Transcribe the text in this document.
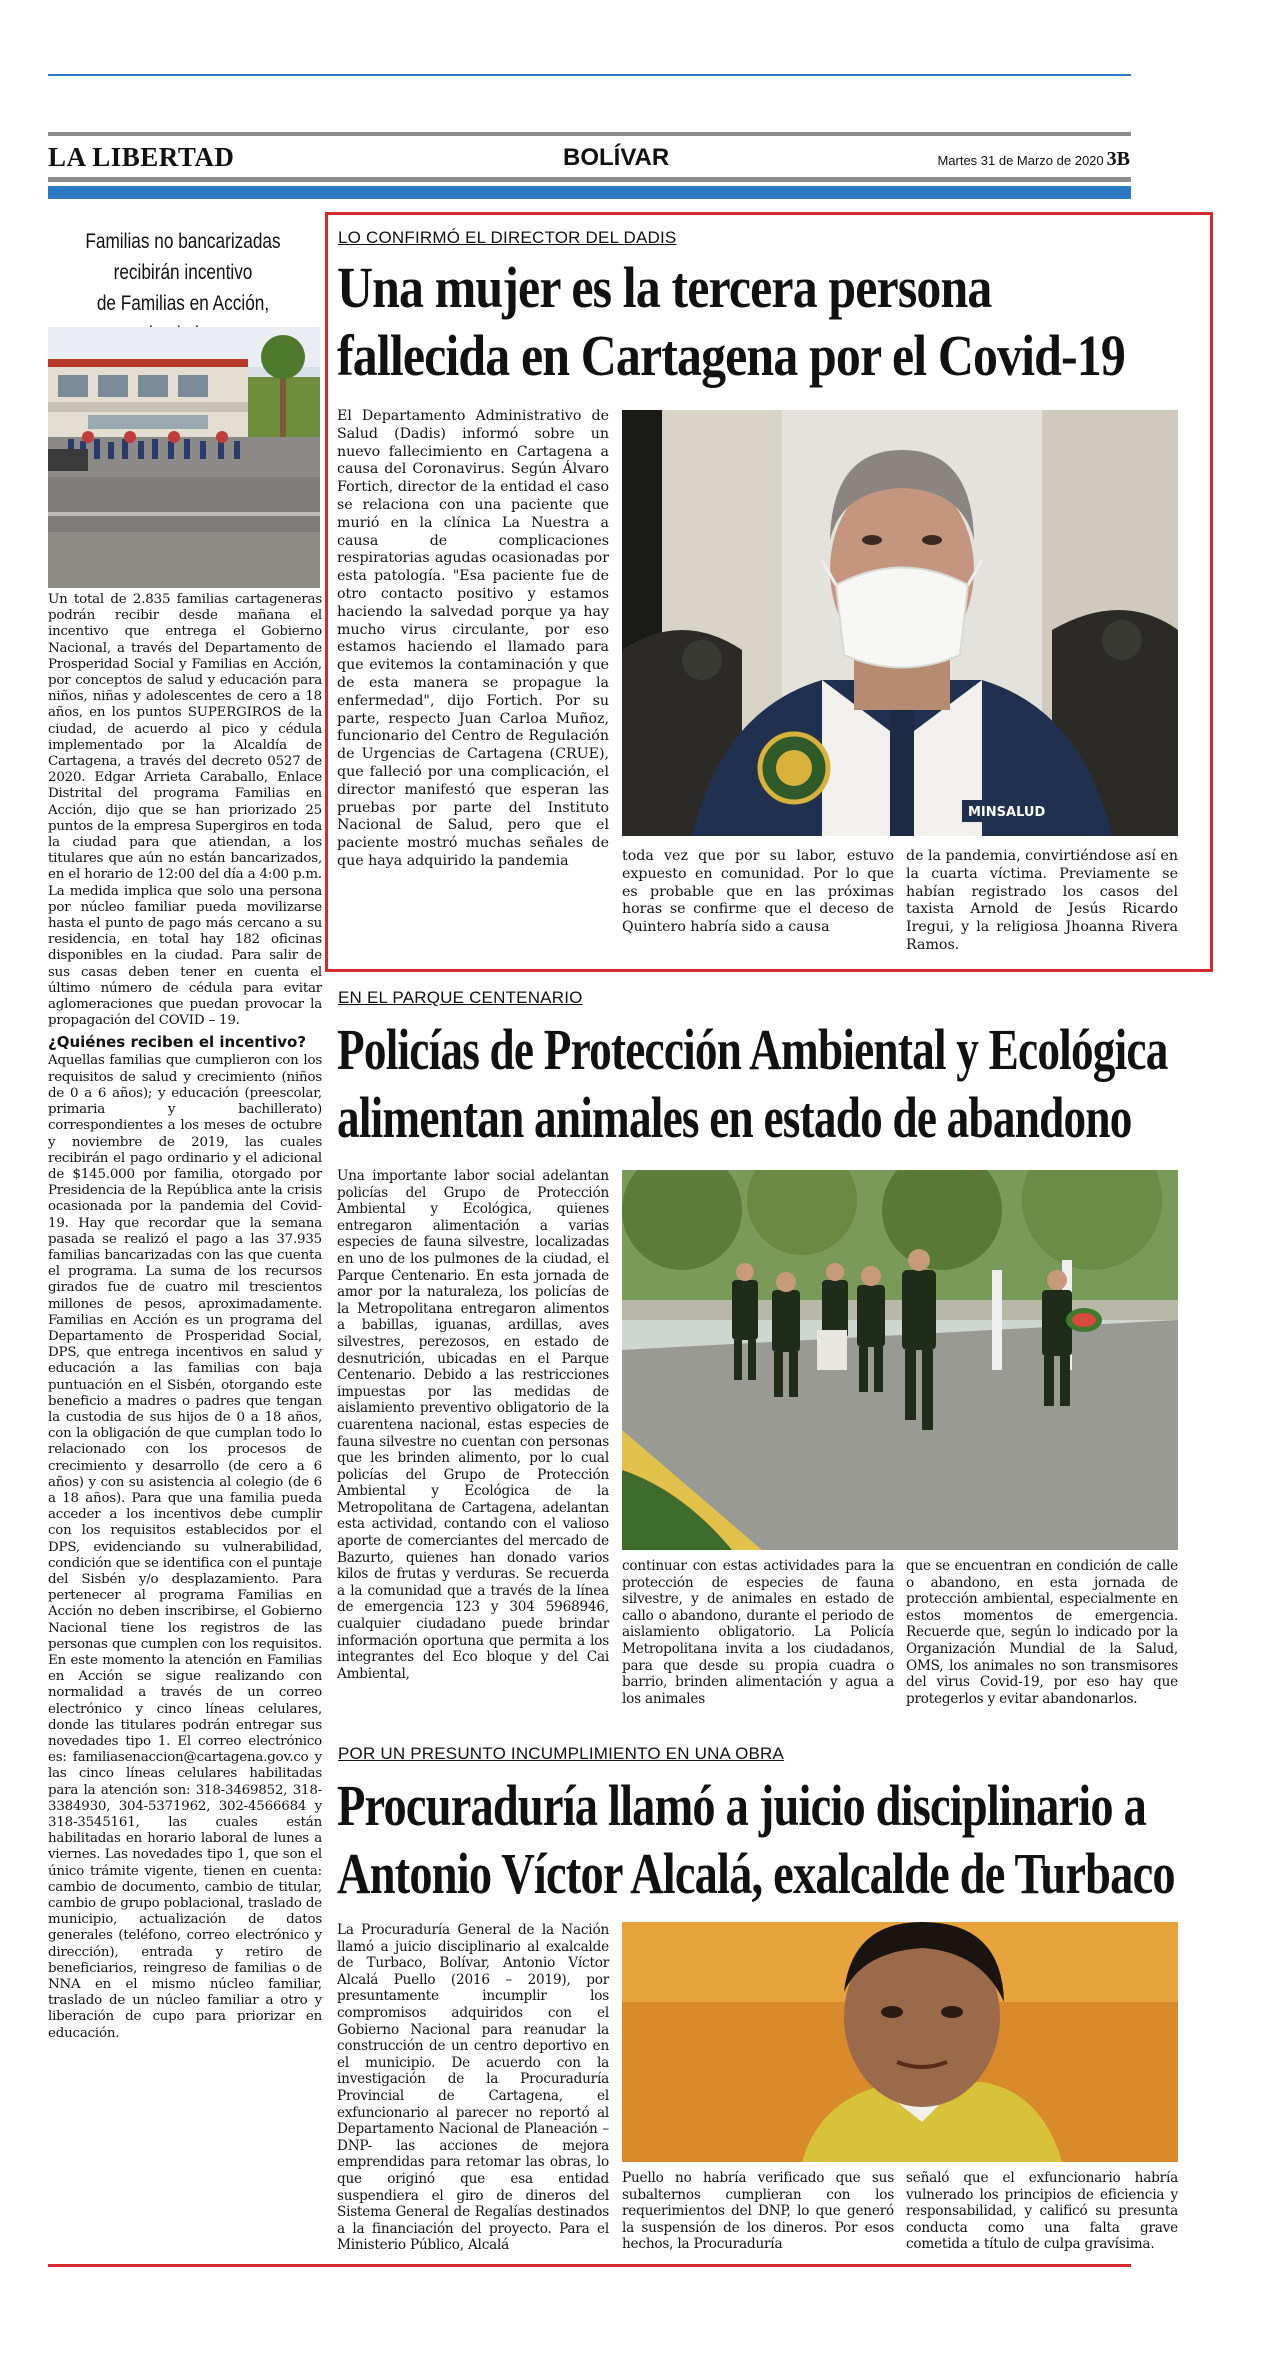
LA LIBERTAD	BOLÍVAR	Martes 31 de Marzo de 2020 3B
Familias no bancarizadas recibirán incentivo
de Familias en Acción,

Un total de 2.835 familias cartageneras podrán recibir desde mañana el incentivo que entrega el Gobierno Nacional, a través del Departamento de Prosperidad Social y Familias en Acción, por conceptos de salud y educación para niños, niñas y adolescentes de cero a 18 años, en los puntos SUPERGIROS de la ciudad, de acuerdo al pico y cédula implementado por la Alcaldía de Cartagena, a través del decreto 0527 de 2020. Edgar Arrieta Caraballo, Enlace Distrital del programa Familias en Acción, dijo que se han priorizado 25 puntos de la empresa Supergiros en toda la ciudad para que atiendan, a los titulares que aún no están bancarizados, en el horario de 12:00 del día a 4:00 p.m. La medida implica que solo una persona por núcleo familiar pueda movilizarse hasta el punto de pago más cercano a su residencia, en total hay 182 oficinas disponibles en la ciudad. Para salir de sus casas deben tener en cuenta el último número de cédula para evitar aglomeraciones que puedan provocar la propagación del COVID – 19.

¿Quiénes reciben el incentivo?

Aquellas familias que cumplieron con los requisitos de salud y crecimiento (niños de 0 a 6 años); y educación (preescolar, primaria y bachillerato) correspondientes a los meses de octubre y noviembre de 2019, las cuales recibirán el pago ordinario y el adicional de $145.000 por familia, otorgado por Presidencia de la República ante la crisis ocasionada por la pandemia del Covid-19. Hay que recordar que la semana pasada se realizó el pago a las 37.935 familias bancarizadas con las que cuenta el programa. La suma de los recursos girados fue de cuatro mil trescientos millones de pesos, aproximadamente. Familias en Acción es un programa del Departamento de Prosperidad Social, DPS, que entrega incentivos en salud y educación a las familias con baja puntuación en el Sisbén, otorgando este beneficio a madres o padres que tengan la custodia de sus hijos de 0 a 18 años, con la obligación de que cumplan todo lo relacionado con los procesos de crecimiento y desarrollo (de cero a 6 años) y con su asistencia al colegio (de 6 a 18 años). Para que una familia pueda acceder a los incentivos debe cumplir con los requisitos establecidos por el DPS, evidenciando su vulnerabilidad, condición que se identifica con el puntaje del Sisbén y/o desplazamiento. Para pertenecer al programa Familias en Acción no deben inscribirse, el Gobierno Nacional tiene los registros de las personas que cumplen con los requisitos. En este momento la atención en Familias en Acción se sigue realizando con normalidad a través de un correo electrónico y cinco líneas celulares, donde las titulares podrán entregar sus novedades tipo 1. El correo electrónico es: familiasenaccion@cartagena.gov.co y las cinco líneas celulares habilitadas para la atención son: 318-3469852, 318-3384930, 304-5371962, 302-4566684 y 318-3545161, las cuales están habilitadas en horario laboral de lunes a viernes. Las novedades tipo 1, que son el único trámite vigente, tienen en cuenta: cambio de documento, cambio de titular, cambio de grupo poblacional, traslado de municipio, actualización de datos generales (teléfono, correo electrónico y dirección), entrada y retiro de beneficiarios, reingreso de familias o de NNA en el mismo núcleo familiar, traslado de un núcleo familiar a otro y liberación de cupo para priorizar en educación.

LO CONFIRMÓ EL DIRECTOR DEL DADIS
Una mujer es la tercera persona
fallecida en Cartagena por el Covid-19
MINSALUD

El Departamento Administrativo de Salud (Dadis) informó sobre un nuevo fallecimiento en Cartagena a causa del Coronavirus. Según Álvaro Fortich, director de la entidad el caso se relaciona con una paciente que murió en la clínica La Nuestra a causa de complicaciones respiratorias agudas ocasionadas por esta patología. "Esa paciente fue de otro contacto positivo y estamos haciendo la salvedad porque ya hay mucho virus circulante, por eso estamos haciendo el llamado para que evitemos la contaminación y que de esta manera se propague la enfermedad", dijo Fortich. Por su parte, respecto Juan Carloa Muñoz, funcionario del Centro de Regulación de Urgencias de Cartagena (CRUE), que falleció por una complicación, el director manifestó que esperan las pruebas por parte del Instituto Nacional de Salud, pero que el paciente mostró muchas señales de que haya adquirido la pandemia	toda vez que por su labor, estuvo expuesto en comunidad. Por lo que es probable que en las próximas horas se confirme que el deceso de Quintero habría sido a causa

de la pandemia, convirtiéndose así en la cuarta víctima. Previamente se habían registrado los casos del taxista Arnold de Jesús Ricardo Iregui, y la religiosa Jhoanna Rivera Ramos.

EN EL PARQUE CENTENARIO
Policías de Protección Ambiental y Ecológica
alimentan animales en estado de abandono

Una importante labor social adelantan policías del Grupo de Protección Ambiental y Ecológica, quienes entregaron alimentación a varias especies de fauna silvestre, localizadas en uno de los pulmones de la ciudad, el Parque Centenario. En esta jornada de amor por la naturaleza, los policías de la Metropolitana entregaron alimentos a babillas, iguanas, ardillas, aves silvestres, perezosos, en estado de desnutrición, ubicadas en el Parque Centenario. Debido a las restricciones impuestas por las medidas de aislamiento preventivo obligatorio de la cuarentena nacional, estas especies de fauna silvestre no cuentan con personas que les brinden alimento, por lo cual policías del Grupo de Protección Ambiental y Ecológica de la Metropolitana de Cartagena, adelantan esta actividad, contando con el valioso aporte de comerciantes del mercado de Bazurto, quienes han donado varios kilos de frutas y verduras. Se recuerda a la comunidad que a través de la línea de emergencia 123 y 304 5968946, cualquier ciudadano puede brindar información oportuna que permita a los integrantes del Eco bloque y del Cai Ambiental,

continuar con estas actividades para la protección de especies de fauna silvestre, y de animales en estado de callo o abandono, durante el periodo de aislamiento obligatorio. La Policía Metropolitana invita a los ciudadanos, para que desde su propia cuadra o barrio, brinden alimentación y agua a los animales

que se encuentran en condición de calle o abandono, en esta jornada de protección ambiental, especialmente en estos momentos de emergencia. Recuerde que, según lo indicado por la Organización Mundial de la Salud, OMS, los animales no son transmisores del virus Covid-19, por eso hay que protegerlos y evitar abandonarlos.

POR UN PRESUNTO INCUMPLIMIENTO EN UNA OBRA
Procuraduría llamó a juicio disciplinario a
Antonio Víctor Alcalá, exalcalde de Turbaco

La Procuraduría General de la Nación llamó a juicio disciplinario al exalcalde de Turbaco, Bolívar, Antonio Víctor Alcalá Puello (2016 – 2019), por presuntamente incumplir los compromisos adquiridos con el Gobierno Nacional para reanudar la construcción de un centro deportivo en el municipio. De acuerdo con la investigación de la Procuraduría Provincial de Cartagena, el exfuncionario al parecer no reportó al Departamento Nacional de Planeación –DNP- las acciones de mejora emprendidas para retomar las obras, lo que originó que esa entidad suspendiera el giro de dineros del Sistema General de Regalías destinados a la financiación del proyecto. Para el Ministerio Público, Alcalá

Puello no habría verificado que sus subalternos cumplieran con los requerimientos del DNP, lo que generó la suspensión de los dineros. Por esos hechos, la Procuraduría

señaló que el exfuncionario habría vulnerado los principios de eficiencia y responsabilidad, y calificó su presunta conducta como una falta grave cometida a título de culpa gravísima.
